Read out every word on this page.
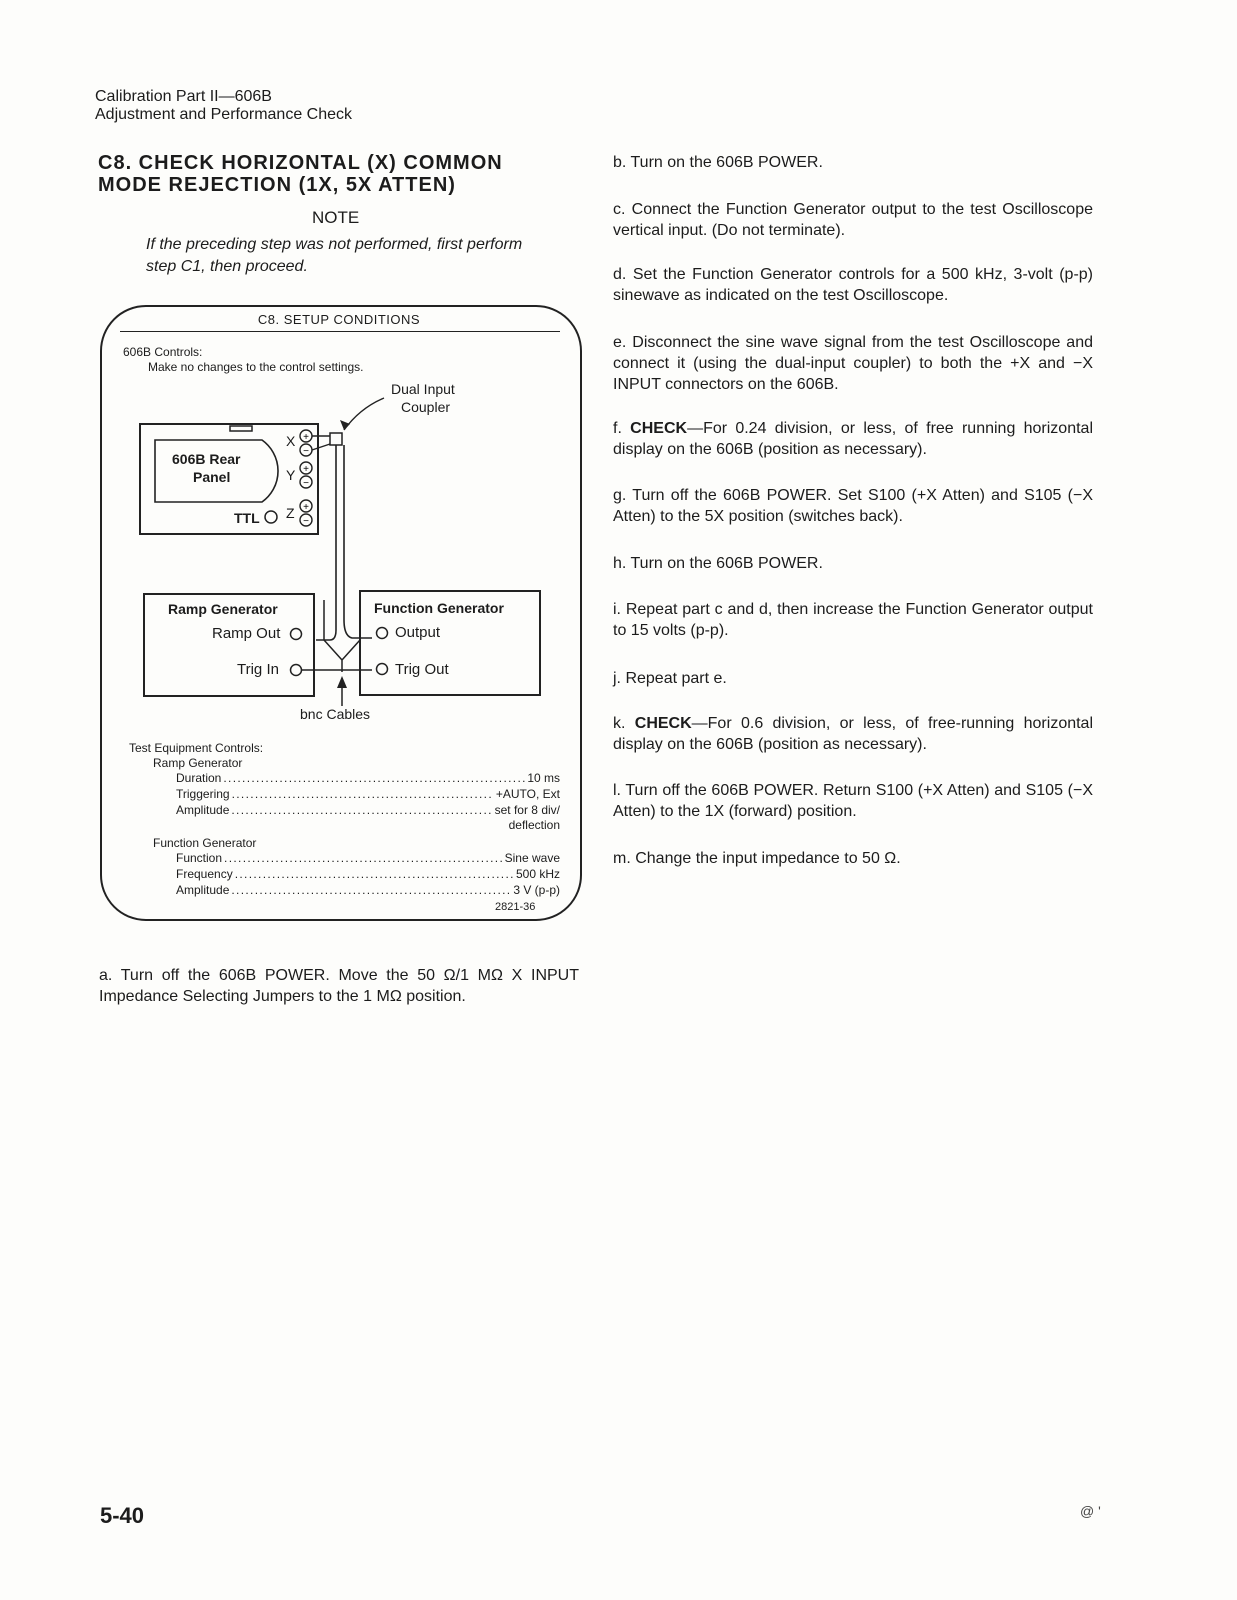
Calibration Part II—606B
Adjustment and Performance Check
C8. CHECK HORIZONTAL (X) COMMON MODE REJECTION (1X, 5X ATTEN)
NOTE
If the preceding step was not performed, first perform step C1, then proceed.
C8. SETUP CONDITIONS
606B Controls:
Make no changes to the control settings.
+
−
+
−
+
−
Dual Input
Coupler
606B Rear
Panel
X
Y
Z
TTL
Ramp Generator
Ramp Out
Trig In
Function Generator
Output
Trig Out
bnc Cables
Test Equipment Controls:
Ramp Generator
Duration . . .	10 ms
Triggering . . .	+AUTO, Ext
Amplitude . . .	set for 8 div/
deflection
Function Generator
Function . . .	Sine wave
Frequency . . .	500 kHz
Amplitude . . .	3 V (p-p)
2821-36
a. Turn off the 606B POWER. Move the 50 Ω/1 MΩ X INPUT Impedance Selecting Jumpers to the 1 MΩ position.
b. Turn on the 606B POWER.
c. Connect the Function Generator output to the test Oscilloscope vertical input. (Do not terminate).
d. Set the Function Generator controls for a 500 kHz, 3-volt (p-p) sinewave as indicated on the test Oscilloscope.
e. Disconnect the sine wave signal from the test Oscilloscope and connect it (using the dual-input coupler) to both the +X and −X INPUT connectors on the 606B.
f. CHECK—For 0.24 division, or less, of free running horizontal display on the 606B (position as necessary).
g. Turn off the 606B POWER. Set S100 (+X Atten) and S105 (−X Atten) to the 5X position (switches back).
h. Turn on the 606B POWER.
i. Repeat part c and d, then increase the Function Generator output to 15 volts (p-p).
j. Repeat part e.
k. CHECK—For 0.6 division, or less, of free-running horizontal display on the 606B (position as necessary).
l. Turn off the 606B POWER. Return S100 (+X Atten) and S105 (−X Atten) to the 1X (forward) position.
m. Change the input impedance to 50 Ω.
5-40	@ '
